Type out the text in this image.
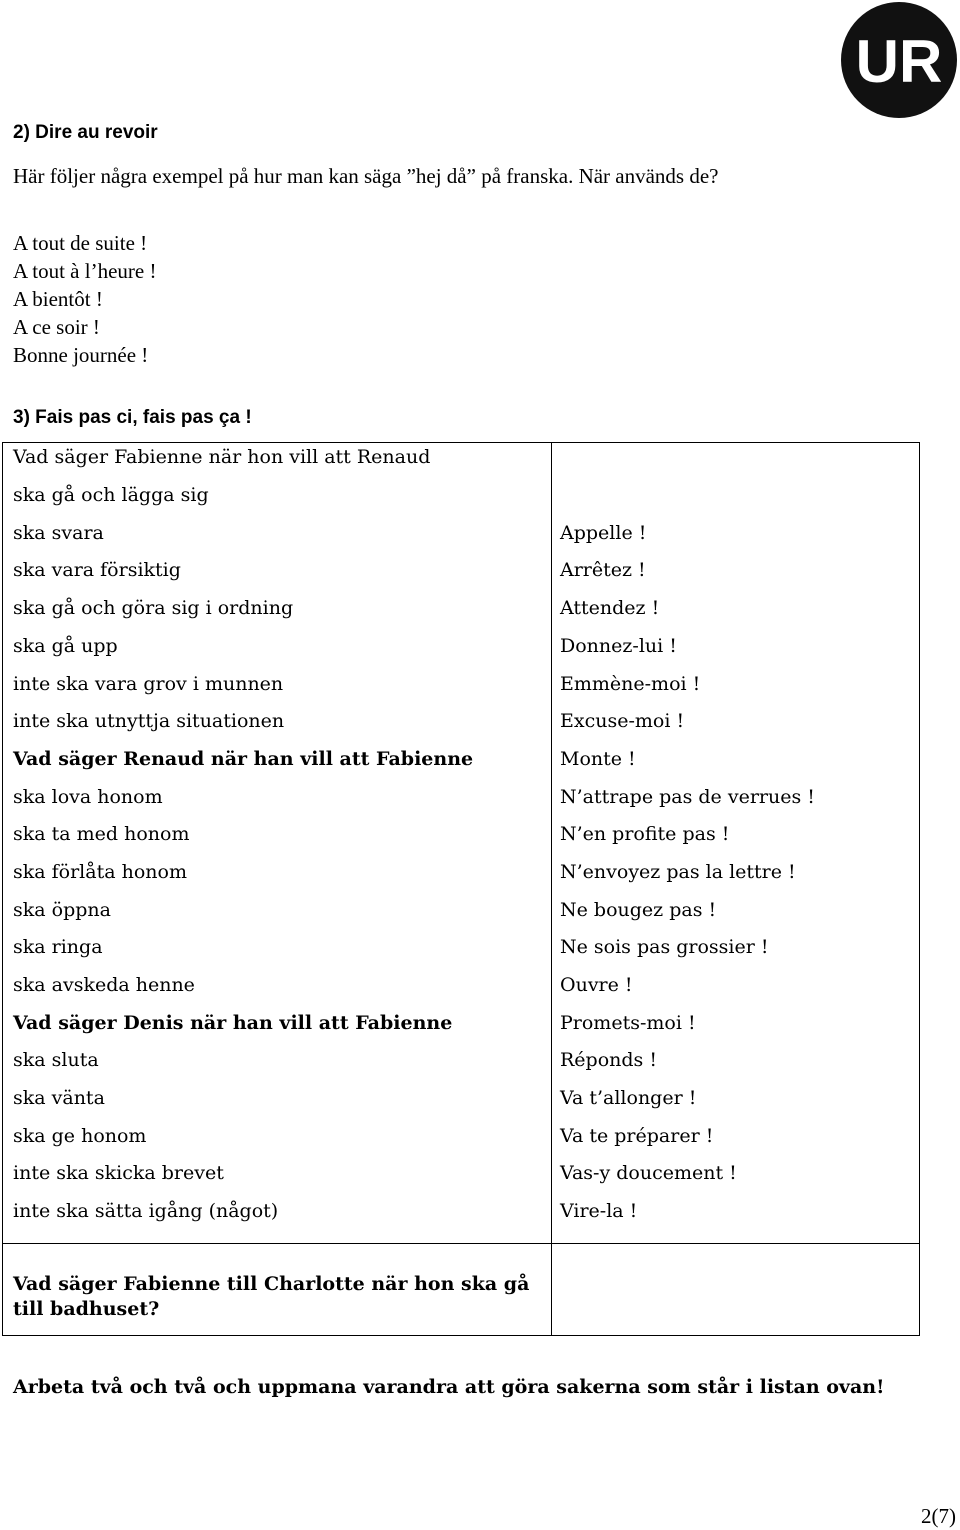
UR
2) Dire au revoir
Här följer några exempel på hur man kan säga ”hej då” på franska. När används de?
A tout de suite !
A tout à l’heure !
A bientôt !
A ce soir !
Bonne journée !
3) Fais pas ci, fais pas ça !
Vad säger Fabienne när hon vill att Renaud
ska gå och lägga sig
ska svara
ska vara försiktig
ska gå och göra sig i ordning
ska gå upp
inte ska vara grov i munnen
inte ska utnyttja situationen
Vad säger Renaud när han vill att Fabienne
ska lova honom
ska ta med honom
ska förlåta honom
ska öppna
ska ringa
ska avskeda henne
Vad säger Denis när han vill att Fabienne
ska sluta
ska vänta
ska ge honom
inte ska skicka brevet
inte ska sätta igång (något)
Appelle !
Arrêtez !
Attendez !
Donnez-lui !
Emmène-moi !
Excuse-moi !
Monte !
N’attrape pas de verrues !
N’en profite pas !
N’envoyez pas la lettre !
Ne bougez pas !
Ne sois pas grossier !
Ouvre !
Promets-moi !
Réponds !
Va t’allonger !
Va te préparer !
Vas-y doucement !
Vire-la !
Vad säger Fabienne till Charlotte när hon ska gå till badhuset?
Arbeta två och två och uppmana varandra att göra sakerna som står i listan ovan!
2(7)
